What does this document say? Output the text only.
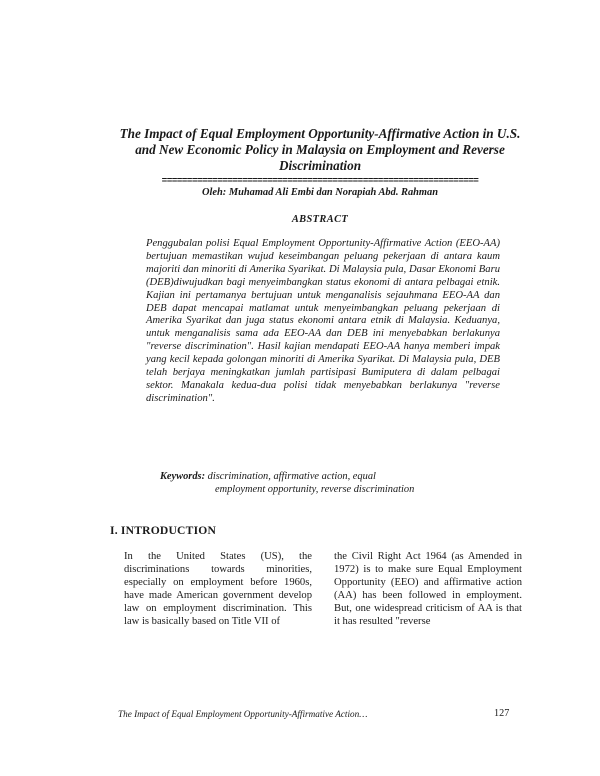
The Impact of Equal Employment Opportunity-Affirmative Action in U.S. and New Economic Policy in Malaysia on Employment and Reverse Discrimination
===============================================================
Oleh: Muhamad Ali Embi dan Norapiah Abd. Rahman
ABSTRACT

Penggubalan polisi Equal Employment Opportunity-Affirmative Action (EEO-AA) bertujuan memastikan wujud keseimbangan peluang pekerjaan di antara kaum majoriti dan minoriti di Amerika Syarikat. Di Malaysia pula, Dasar Ekonomi Baru (DEB)diwujudkan bagi menyeimbangkan status ekonomi di antara pelbagai etnik. Kajian ini pertamanya bertujuan untuk menganalisis sejauhmana EEO-AA dan DEB dapat mencapai matlamat untuk menyeimbangkan peluang pekerjaan di Amerika Syarikat dan juga status ekonomi antara etnik di Malaysia. Keduanya, untuk menganalisis sama ada EEO-AA dan DEB ini menyebabkan berlakunya "reverse discrimination". Hasil kajian mendapati EEO-AA hanya memberi impak yang kecil kepada golongan minoriti di Amerika Syarikat. Di Malaysia pula, DEB telah berjaya meningkatkan jumlah partisipasi Bumiputera di dalam pelbagai sektor. Manakala kedua-dua polisi tidak menyebabkan berlakunya "reverse discrimination".

Keywords: discrimination, affirmative action, equal
employment opportunity, reverse discrimination
I. INTRODUCTION

In the United States (US), the discriminations towards minorities, especially on employment before 1960s, have made American government develop law on employment discrimination. This law is basically based on Title VII of

the Civil Right Act 1964 (as Amended in 1972) is to make sure Equal Employment Opportunity (EEO) and affirmative action (AA) has been followed in employment. But, one widespread criticism of AA is that it has resulted "reverse

The Impact of Equal Employment Opportunity-Affirmative Action…	127
